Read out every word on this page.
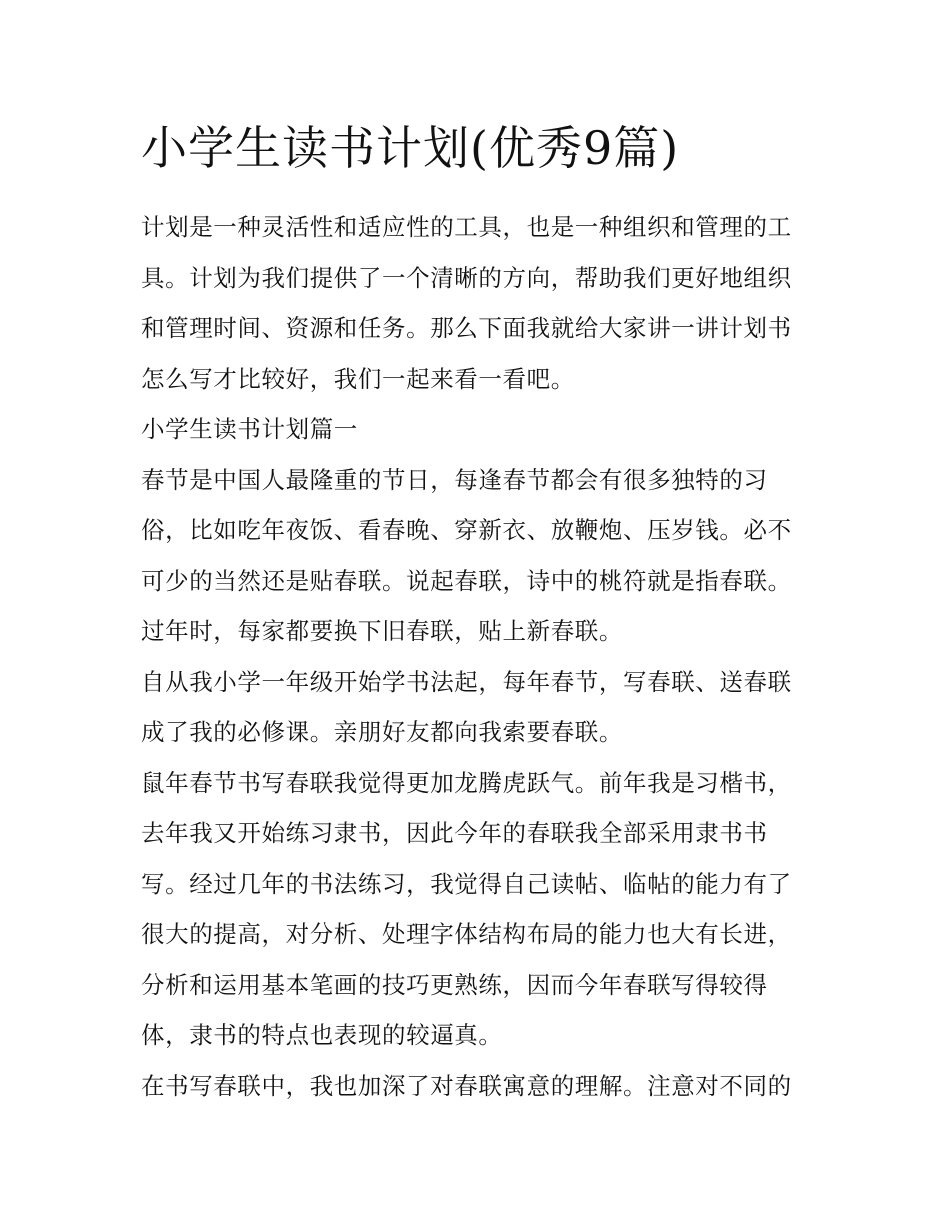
小学生读书计划(优秀9篇)

计划是一种灵活性和适应性的工具，也是一种组织和管理的工具。计划为我们提供了一个清晰的方向，帮助我们更好地组织和管理时间、资源和任务。那么下面我就给大家讲一讲计划书怎么写才比较好，我们一起来看一看吧。

小学生读书计划篇一

春节是中国人最隆重的节日，每逢春节都会有很多独特的习俗，比如吃年夜饭、看春晚、穿新衣、放鞭炮、压岁钱。必不可少的当然还是贴春联。说起春联，诗中的桃符就是指春联。过年时，每家都要换下旧春联，贴上新春联。

自从我小学一年级开始学书法起，每年春节，写春联、送春联成了我的必修课。亲朋好友都向我索要春联。

鼠年春节书写春联我觉得更加龙腾虎跃气。前年我是习楷书，去年我又开始练习隶书，因此今年的春联我全部采用隶书书写。经过几年的书法练习，我觉得自己读帖、临帖的能力有了很大的提高，对分析、处理字体结构布局的能力也大有长进，分析和运用基本笔画的技巧更熟练，因而今年春联写得较得体，隶书的特点也表现的较逼真。

在书写春联中，我也加深了对春联寓意的理解。注意对不同的
